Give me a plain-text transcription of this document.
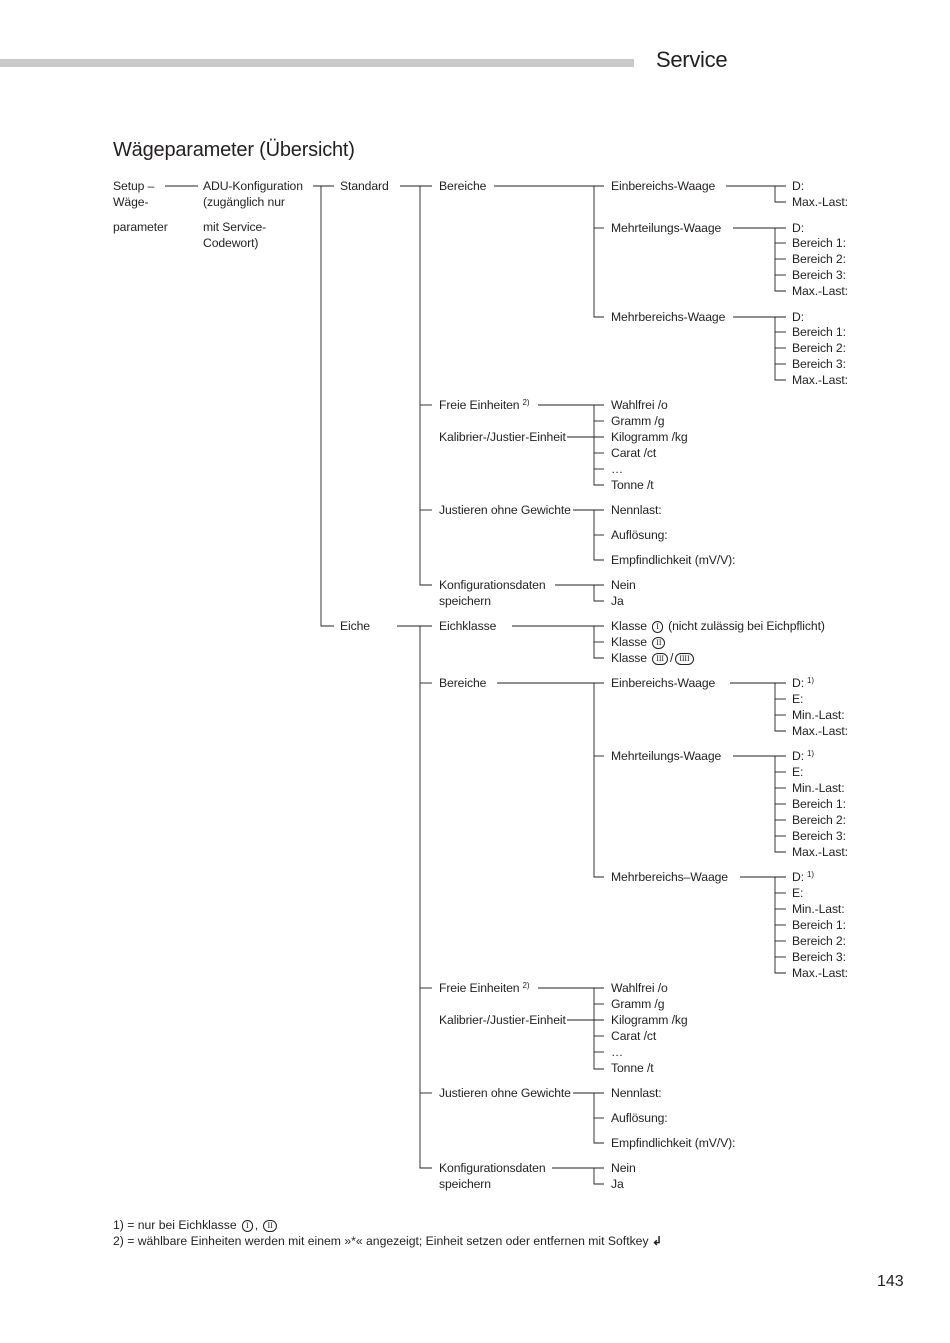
Service
Wägeparameter (Übersicht)
Setup –
Wäge-
parameter
ADU-Konfiguration
(zugänglich nur
mit Service-
Codewort)
Standard
Eiche
Bereiche	Einbereichs-Waage	D:
Max.-Last:
Mehrteilungs-Waage	D:
Bereich 1:
Bereich 2:
Bereich 3:
Max.-Last:
Mehrbereichs-Waage	D:
Bereich 1:
Bereich 2:
Bereich 3:
Max.-Last:
Freie Einheiten $^{2)}$
Kalibrier-/Justier-Einheit
Wahlfrei /o
Gramm /g
Kilogramm /kg
Carat /ct
…
Tonne /t
Justieren ohne Gewichte	Nennlast:
Auflösung:
Empfindlichkeit (mV/V):
Konfigurationsdaten
speichern
Nein
Ja
Eichklasse	Klasse I (nicht zulässig bei Eichpflicht)
Klasse II
Klasse III / IIII
Bereiche	Einbereichs-Waage	D: $^{1)}$
E:
Min.-Last:
Max.-Last:
Mehrteilungs-Waage	D: $^{1)}$
E:
Min.-Last:
Bereich 1:
Bereich 2:
Bereich 3:
Max.-Last:
Mehrbereichs–Waage	D: $^{1)}$
E:
Min.-Last:
Bereich 1:
Bereich 2:
Bereich 3:
Max.-Last:
Freie Einheiten $^{2)}$
Kalibrier-/Justier-Einheit
Wahlfrei /o
Gramm /g
Kilogramm /kg
Carat /ct
…
Tonne /t
Justieren ohne Gewichte	Nennlast:
Auflösung:
Empfindlichkeit (mV/V):
Konfigurationsdaten
speichern
Nein
Ja
1) = nur bei Eichklasse I , II
2) = wählbare Einheiten werden mit einem »*« angezeigt; Einheit setzen oder entfernen mit Softkey ↲
143
